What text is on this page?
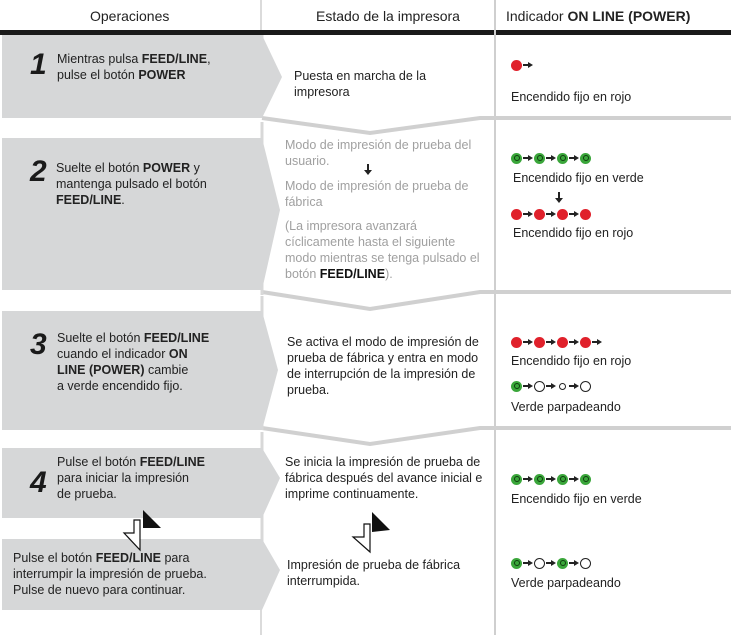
Operaciones	Estado de la impresora	Indicador ON LINE (POWER)
1
2
3
4
Mientras pulsa FEED/LINE,
pulse el botón POWER
Suelte el botón POWER y
mantenga pulsado el botón
FEED/LINE.
Suelte el botón FEED/LINE
cuando el indicador ON
LINE (POWER) cambie
a verde encendido fijo.
Pulse el botón FEED/LINE
para iniciar la impresión
de prueba.
Pulse el botón FEED/LINE para
interrumpir la impresión de prueba.
Pulse de nuevo para continuar.
Puesta en marcha de la impresora
Modo de impresión de prueba del usuario.
Modo de impresión de prueba de fábrica
(La impresora avanzará cíclicamente hasta el siguiente modo mientras se tenga pulsado el botón FEED/LINE).
Se activa el modo de impresión de prueba de fábrica y entra en modo de interrupción de la impresión de prueba.
Se inicia la impresión de prueba de fábrica después del avance inicial e imprime continuamente.
Impresión de prueba de fábrica interrumpida.
Encendido fijo en rojo
Encendido fijo en verde
Encendido fijo en rojo
Encendido fijo en rojo
Verde parpadeando
Encendido fijo en verde
Verde parpadeando
